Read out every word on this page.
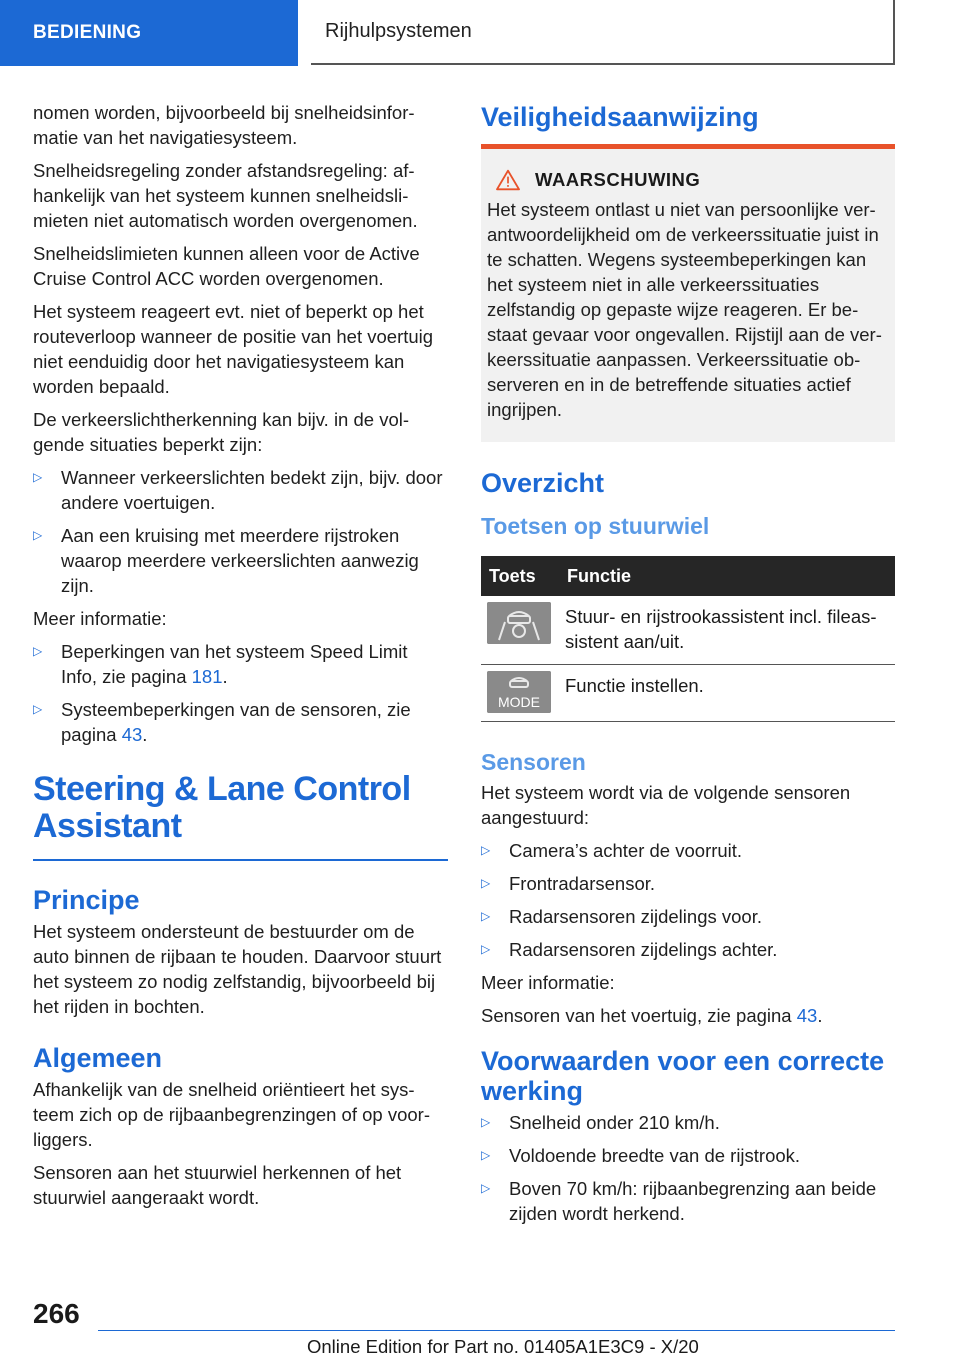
BEDIENING	Rijhulpsystemen

nomen worden, bijvoorbeeld bij snelheidsinformatie van het navigatiesysteem.

Snelheidsregeling zonder afstandsregeling: afhankelijk van het systeem kunnen snelheidslimieten niet automatisch worden overgenomen.

Snelheidslimieten kunnen alleen voor de Active Cruise Control ACC worden overgenomen.

Het systeem reageert evt. niet of beperkt op het routeverloop wanneer de positie van het voertuig niet eenduidig door het navigatiesysteem kan worden bepaald.

De verkeerslichtherkenning kan bijv. in de volgende situaties beperkt zijn:

▷ Wanneer verkeerslichten bedekt zijn, bijv. door andere voertuigen.
▷ Aan een kruising met meerdere rijstroken waarop meerdere verkeerslichten aanwezig zijn.

Meer informatie:

▷ Beperkingen van het systeem Speed Limit Info, zie pagina 181.
▷ Systeembeperkingen van de sensoren, zie pagina 43.
Steering & Lane Control Assistant
Principe

Het systeem ondersteunt de bestuurder om de auto binnen de rijbaan te houden. Daarvoor stuurt het systeem zo nodig zelfstandig, bijvoorbeeld bij het rijden in bochten.

Algemeen

Afhankelijk van de snelheid oriëntieert het systeem zich op de rijbaanbegrenzingen of op voorliggers.

Sensoren aan het stuurwiel herkennen of het stuurwiel aangeraakt wordt.

Veiligheidsaanwijzing
WAARSCHUWING

Het systeem ontlast u niet van persoonlijke verantwoordelijkheid om de verkeerssituatie juist in te schatten. Wegens systeembeperkingen kan het systeem niet in alle verkeerssituaties zelfstandig op gepaste wijze reageren. Er bestaat gevaar voor ongevallen. Rijstijl aan de verkeerssituatie aanpassen. Verkeerssituatie observeren en in de betreffende situaties actief ingrijpen.

Overzicht
Toetsen op stuurwiel
Toets	Functie

	Stuur- en rijstrookassistent incl. fileassistent aan/uit.

MODE	Functie instellen.
Sensoren

Het systeem wordt via de volgende sensoren aangestuurd:

▷ Camera’s achter de voorruit.
▷ Frontradarsensor.
▷ Radarsensoren zijdelings voor.
▷ Radarsensoren zijdelings achter.

Meer informatie:

Sensoren van het voertuig, zie pagina 43.

Voorwaarden voor een correcte werking
▷ Snelheid onder 210 km/h.
▷ Voldoende breedte van de rijstrook.
▷ Boven 70 km/h: rijbaanbegrenzing aan beide zijden wordt herkend.
266
Online Edition for Part no. 01405A1E3C9 - X/20
